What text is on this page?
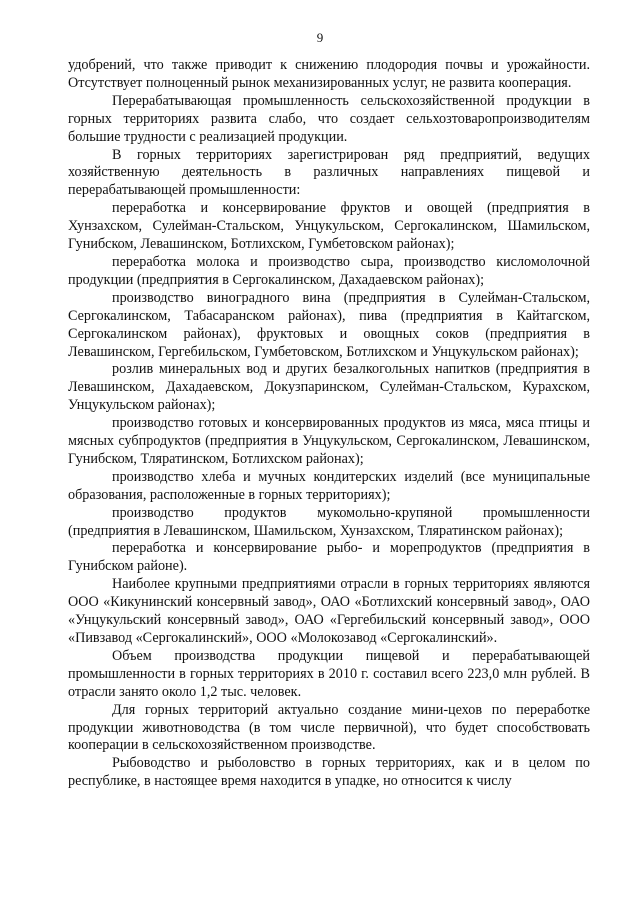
9

удобрений, что также приводит к снижению плодородия почвы и урожайности. Отсутствует полноценный рынок механизированных услуг, не развита кооперация.

Перерабатывающая промышленность сельскохозяйственной продукции в горных территориях развита слабо, что создает сельхозтоваропроизводителям большие трудности с реализацией продукции.

В горных территориях зарегистрирован ряд предприятий, ведущих хозяйственную деятельность в различных направлениях пищевой и перерабатывающей промышленности:

переработка и консервирование фруктов и овощей (предприятия в Хунзахском, Сулейман-Стальском, Унцукульском, Сергокалинском, Шамильском, Гунибском, Левашинском, Ботлихском, Гумбетовском районах);

переработка молока и производство сыра, производство кисломолочной продукции (предприятия в Сергокалинском, Дахадаевском районах);

производство виноградного вина (предприятия в Сулейман-Стальском, Сергокалинском, Табасаранском районах), пива (предприятия в Кайтагском, Сергокалинском районах), фруктовых и овощных соков (предприятия в Левашинском, Гергебильском, Гумбетовском, Ботлихском и Унцукульском районах);

розлив минеральных вод и других безалкогольных напитков (предприятия в Левашинском, Дахадаевском, Докузпаринском, Сулейман-Стальском, Курахском, Унцукульском районах);

производство готовых и консервированных продуктов из мяса, мяса птицы и мясных субпродуктов (предприятия в Унцукульском, Сергокалинском, Левашинском, Гунибском, Тляратинском, Ботлихском районах);

производство хлеба и мучных кондитерских изделий (все муниципальные образования, расположенные в горных территориях);

производство продуктов мукомольно-крупяной промышленности (предприятия в Левашинском, Шамильском, Хунзахском, Тляратинском районах);

переработка и консервирование рыбо- и морепродуктов (предприятия в Гунибском районе).

Наиболее крупными предприятиями отрасли в горных территориях являются ООО «Кикунинский консервный завод», ОАО «Ботлихский консервный завод», ОАО «Унцукульский консервный завод», ОАО «Гергебильский консервный завод», ООО «Пивзавод «Сергокалинский», ООО «Молокозавод «Сергокалинский».

Объем производства продукции пищевой и перерабатывающей промышленности в горных территориях в 2010 г. составил всего 223,0 млн рублей. В отрасли занято около 1,2 тыс. человек.

Для горных территорий актуально создание мини-цехов по переработке продукции животноводства (в том числе первичной), что будет способствовать кооперации в сельскохозяйственном производстве.

Рыбоводство и рыболовство в горных территориях, как и в целом по республике, в настоящее время находится в упадке, но относится к числу
